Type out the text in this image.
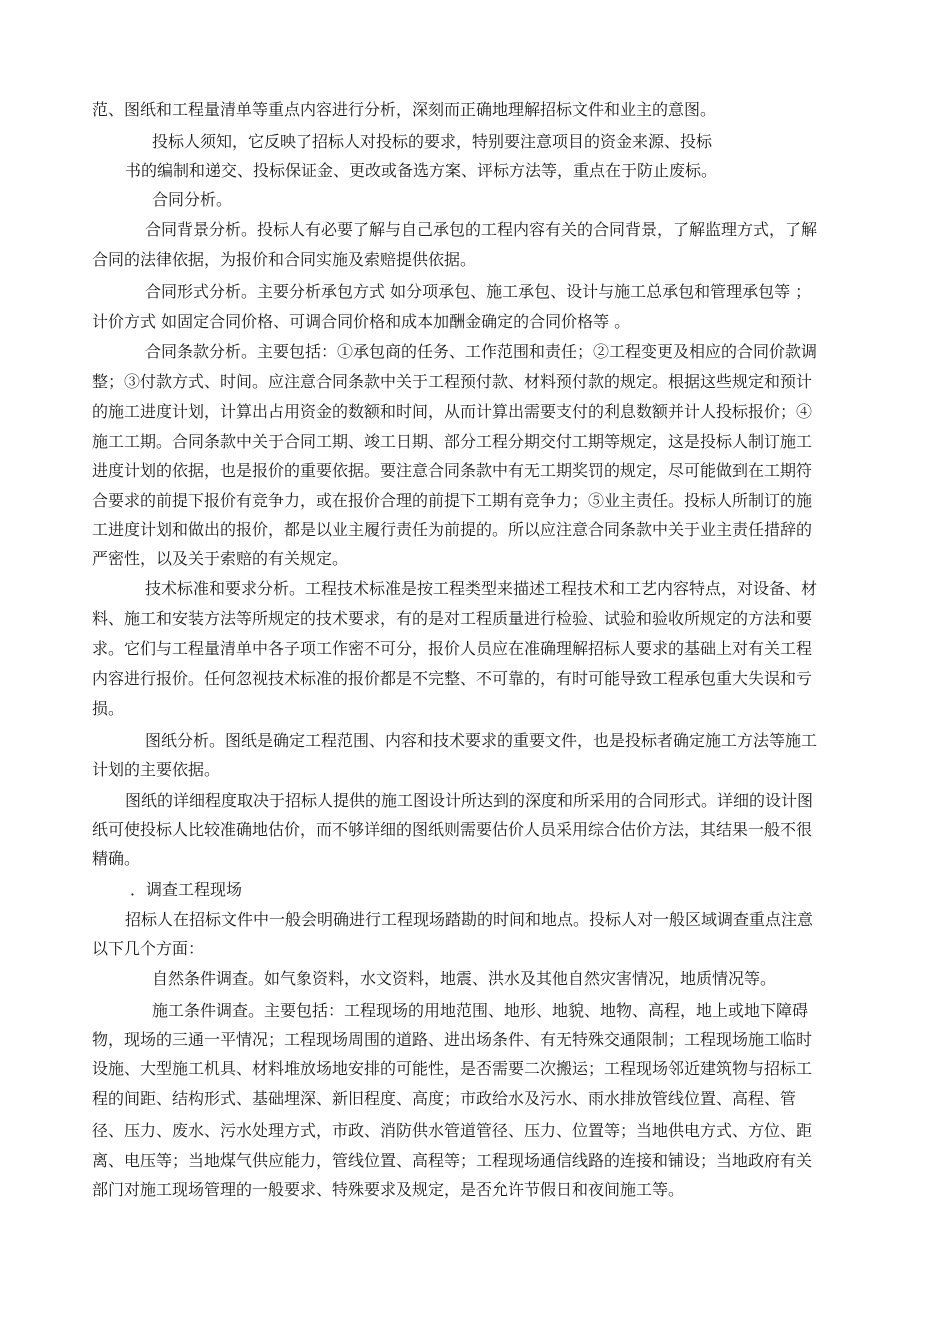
范、图纸和工程量清单等重点内容进行分析，深刻而正确地理解招标文件和业主的意图。
投标人须知，它反映了招标人对投标的要求，特别要注意项目的资金来源、投标
书的编制和递交、投标保证金、更改或备选方案、评标方法等，重点在于防止废标。
合同分析。
合同背景分析。投标人有必要了解与自己承包的工程内容有关的合同背景，了解监理方式，了解
合同的法律依据，为报价和合同实施及索赔提供依据。
合同形式分析。主要分析承包方式 如分项承包、施工承包、设计与施工总承包和管理承包等 ；
计价方式 如固定合同价格、可调合同价格和成本加酬金确定的合同价格等 。
合同条款分析。主要包括：①承包商的任务、工作范围和责任；②工程变更及相应的合同价款调
整；③付款方式、时间。应注意合同条款中关于工程预付款、材料预付款的规定。根据这些规定和预计
的施工进度计划，计算出占用资金的数额和时间，从而计算出需要支付的利息数额并计人投标报价；④
施工工期。合同条款中关于合同工期、竣工日期、部分工程分期交付工期等规定，这是投标人制订施工
进度计划的依据，也是报价的重要依据。要注意合同条款中有无工期奖罚的规定，尽可能做到在工期符
合要求的前提下报价有竞争力，或在报价合理的前提下工期有竞争力；⑤业主责任。投标人所制订的施
工进度计划和做出的报价，都是以业主履行责任为前提的。所以应注意合同条款中关于业主责任措辞的
严密性，以及关于索赔的有关规定。
技术标准和要求分析。工程技术标准是按工程类型来描述工程技术和工艺内容特点，对设备、材
料、施工和安装方法等所规定的技术要求，有的是对工程质量进行检验、试验和验收所规定的方法和要
求。它们与工程量清单中各子项工作密不可分，报价人员应在准确理解招标人要求的基础上对有关工程
内容进行报价。任何忽视技术标准的报价都是不完整、不可靠的，有时可能导致工程承包重大失误和亏
损。
图纸分析。图纸是确定工程范围、内容和技术要求的重要文件，也是投标者确定施工方法等施工
计划的主要依据。
图纸的详细程度取决于招标人提供的施工图设计所达到的深度和所采用的合同形式。详细的设计图
纸可使投标人比较准确地估价，而不够详细的图纸则需要估价人员采用综合估价方法，其结果一般不很
精确。
．调查工程现场
招标人在招标文件中一般会明确进行工程现场踏勘的时间和地点。投标人对一般区域调查重点注意
以下几个方面：
自然条件调查。如气象资料，水文资料，地震、洪水及其他自然灾害情况，地质情况等。
施工条件调查。主要包括：工程现场的用地范围、地形、地貌、地物、高程，地上或地下障碍
物，现场的三通一平情况；工程现场周围的道路、进出场条件、有无特殊交通限制；工程现场施工临时
设施、大型施工机具、材料堆放场地安排的可能性，是否需要二次搬运；工程现场邻近建筑物与招标工
程的间距、结构形式、基础埋深、新旧程度、高度；市政给水及污水、雨水排放管线位置、高程、管
径、压力、废水、污水处理方式，市政、消防供水管道管径、压力、位置等；当地供电方式、方位、距
离、电压等；当地煤气供应能力，管线位置、高程等；工程现场通信线路的连接和铺设；当地政府有关
部门对施工现场管理的一般要求、特殊要求及规定，是否允许节假日和夜间施工等。
